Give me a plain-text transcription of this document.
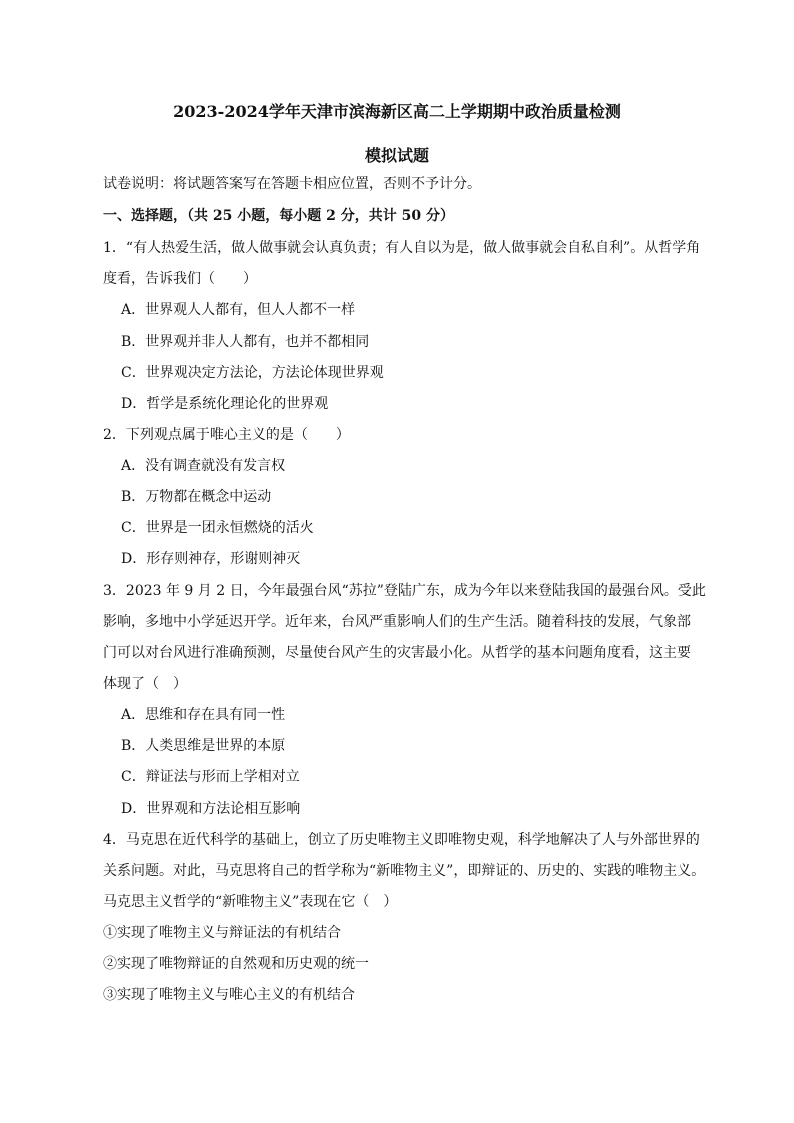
2023-2024学年天津市滨海新区高二上学期期中政治质量检测
模拟试题
试卷说明：将试题答案写在答题卡相应位置，否则不予计分。
一、选择题，（共 25 小题，每小题 2 分，共计 50 分）
1．“有人热爱生活，做人做事就会认真负责；有人自以为是，做人做事就会自私自利”。从哲学角
度看，告诉我们（　　）
A．世界观人人都有，但人人都不一样
B．世界观并非人人都有，也并不都相同
C．世界观决定方法论，方法论体现世界观
D．哲学是系统化理论化的世界观
2．下列观点属于唯心主义的是（　　）
A．没有调查就没有发言权
B．万物都在概念中运动
C．世界是一团永恒燃烧的活火
D．形存则神存，形谢则神灭
3．2023 年 9 月 2 日，今年最强台风“苏拉”登陆广东，成为今年以来登陆我国的最强台风。受此
影响，多地中小学延迟开学。近年来，台风严重影响人们的生产生活。随着科技的发展，气象部
门可以对台风进行准确预测，尽量使台风产生的灾害最小化。从哲学的基本问题角度看，这主要
体现了（　）
A．思维和存在具有同一性
B．人类思维是世界的本原
C．辩证法与形而上学相对立
D．世界观和方法论相互影响
4．马克思在近代科学的基础上，创立了历史唯物主义即唯物史观，科学地解决了人与外部世界的
关系问题。对此，马克思将自己的哲学称为“新唯物主义”，即辩证的、历史的、实践的唯物主义。
马克思主义哲学的“新唯物主义”表现在它（　）
①实现了唯物主义与辩证法的有机结合
②实现了唯物辩证的自然观和历史观的统一
③实现了唯物主义与唯心主义的有机结合
